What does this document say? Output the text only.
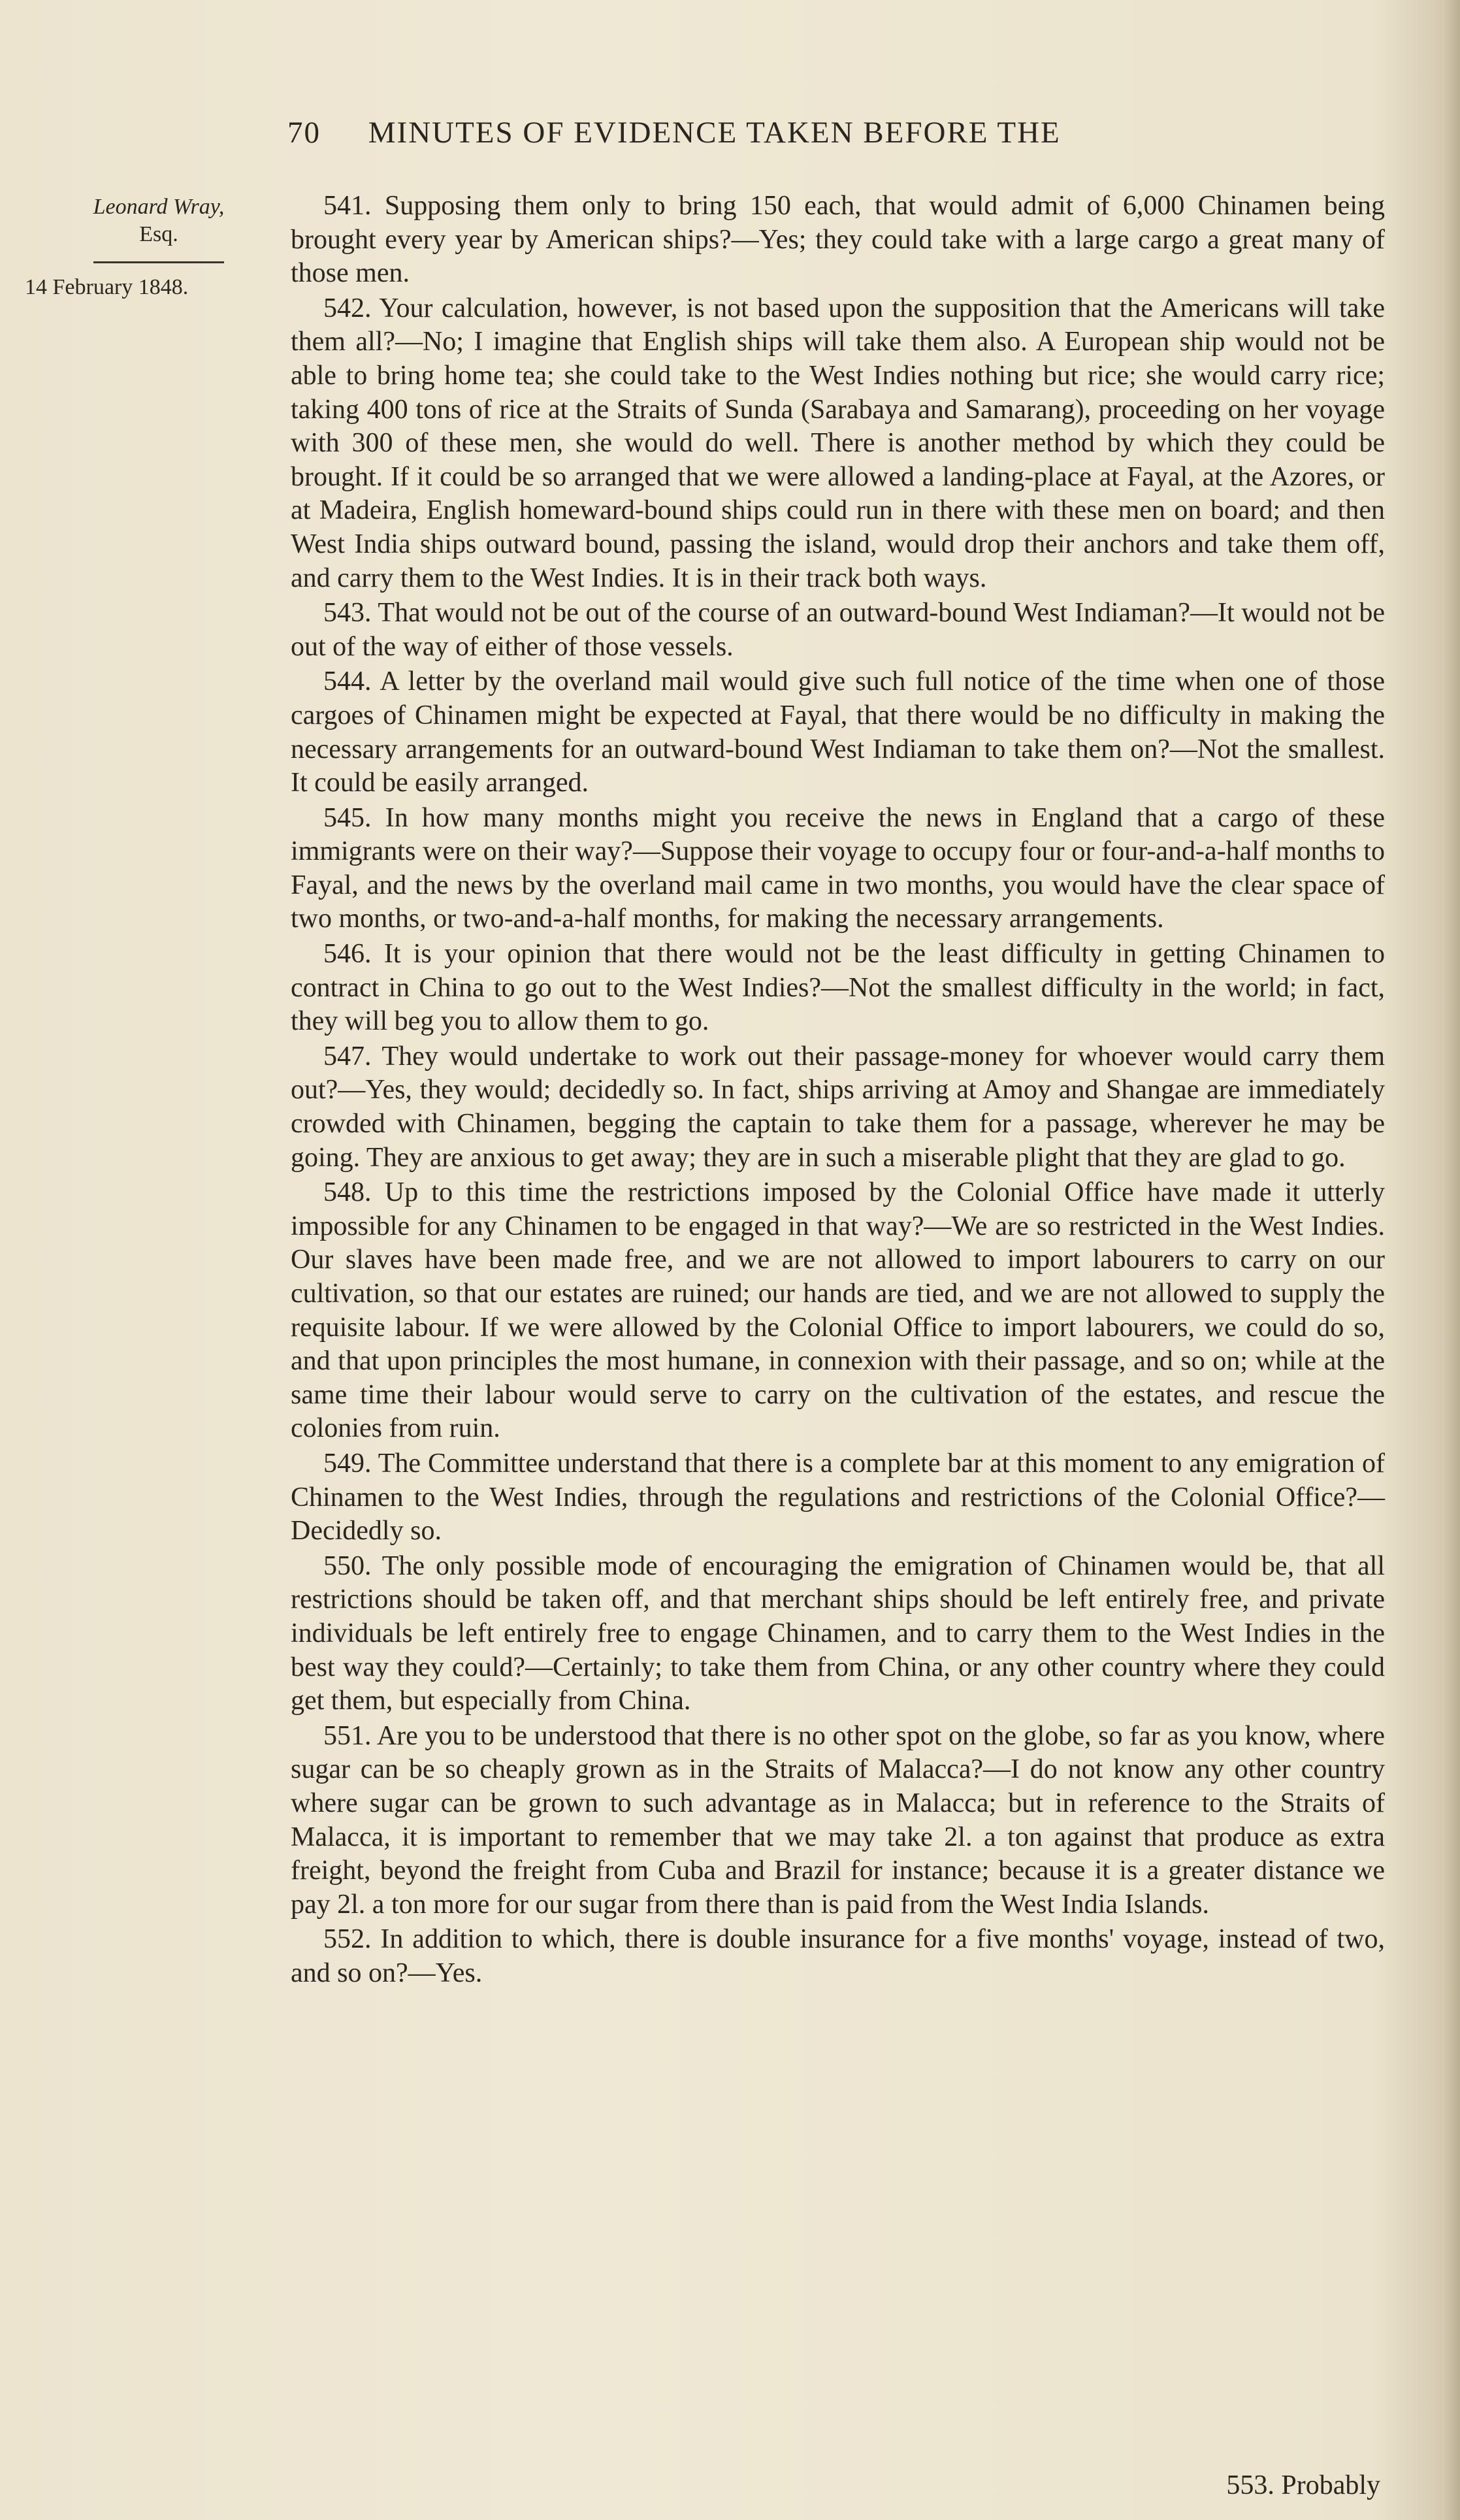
70 MINUTES OF EVIDENCE TAKEN BEFORE THE
Leonard Wray,
Esq.
14 February 1848.

541. Supposing them only to bring 150 each, that would admit of 6,000 Chinamen being brought every year by American ships?—Yes; they could take with a large cargo a great many of those men.

542. Your calculation, however, is not based upon the supposition that the Americans will take them all?—No; I imagine that English ships will take them also. A European ship would not be able to bring home tea; she could take to the West Indies nothing but rice; she would carry rice; taking 400 tons of rice at the Straits of Sunda (Sarabaya and Samarang), proceeding on her voyage with 300 of these men, she would do well. There is another method by which they could be brought. If it could be so arranged that we were allowed a landing-place at Fayal, at the Azores, or at Madeira, English homeward-bound ships could run in there with these men on board; and then West India ships outward bound, passing the island, would drop their anchors and take them off, and carry them to the West Indies. It is in their track both ways.

543. That would not be out of the course of an outward-bound West Indiaman?—It would not be out of the way of either of those vessels.

544. A letter by the overland mail would give such full notice of the time when one of those cargoes of Chinamen might be expected at Fayal, that there would be no difficulty in making the necessary arrangements for an outward-bound West Indiaman to take them on?—Not the smallest. It could be easily arranged.

545. In how many months might you receive the news in England that a cargo of these immigrants were on their way?—Suppose their voyage to occupy four or four-and-a-half months to Fayal, and the news by the overland mail came in two months, you would have the clear space of two months, or two-and-a-half months, for making the necessary arrangements.

546. It is your opinion that there would not be the least difficulty in getting Chinamen to contract in China to go out to the West Indies?—Not the smallest difficulty in the world; in fact, they will beg you to allow them to go.

547. They would undertake to work out their passage-money for whoever would carry them out?—Yes, they would; decidedly so. In fact, ships arriving at Amoy and Shangae are immediately crowded with Chinamen, begging the captain to take them for a passage, wherever he may be going. They are anxious to get away; they are in such a miserable plight that they are glad to go.

548. Up to this time the restrictions imposed by the Colonial Office have made it utterly impossible for any Chinamen to be engaged in that way?—We are so restricted in the West Indies. Our slaves have been made free, and we are not allowed to import labourers to carry on our cultivation, so that our estates are ruined; our hands are tied, and we are not allowed to supply the requisite labour. If we were allowed by the Colonial Office to import labourers, we could do so, and that upon principles the most humane, in connexion with their passage, and so on; while at the same time their labour would serve to carry on the cultivation of the estates, and rescue the colonies from ruin.

549. The Committee understand that there is a complete bar at this moment to any emigration of Chinamen to the West Indies, through the regulations and restrictions of the Colonial Office?—Decidedly so.

550. The only possible mode of encouraging the emigration of Chinamen would be, that all restrictions should be taken off, and that merchant ships should be left entirely free, and private individuals be left entirely free to engage Chinamen, and to carry them to the West Indies in the best way they could?—Certainly; to take them from China, or any other country where they could get them, but especially from China.

551. Are you to be understood that there is no other spot on the globe, so far as you know, where sugar can be so cheaply grown as in the Straits of Malacca?—I do not know any other country where sugar can be grown to such advantage as in Malacca; but in reference to the Straits of Malacca, it is important to remember that we may take 2l. a ton against that produce as extra freight, beyond the freight from Cuba and Brazil for instance; because it is a greater distance we pay 2l. a ton more for our sugar from there than is paid from the West India Islands.

552. In addition to which, there is double insurance for a five months' voyage, instead of two, and so on?—Yes.

553. Probably
